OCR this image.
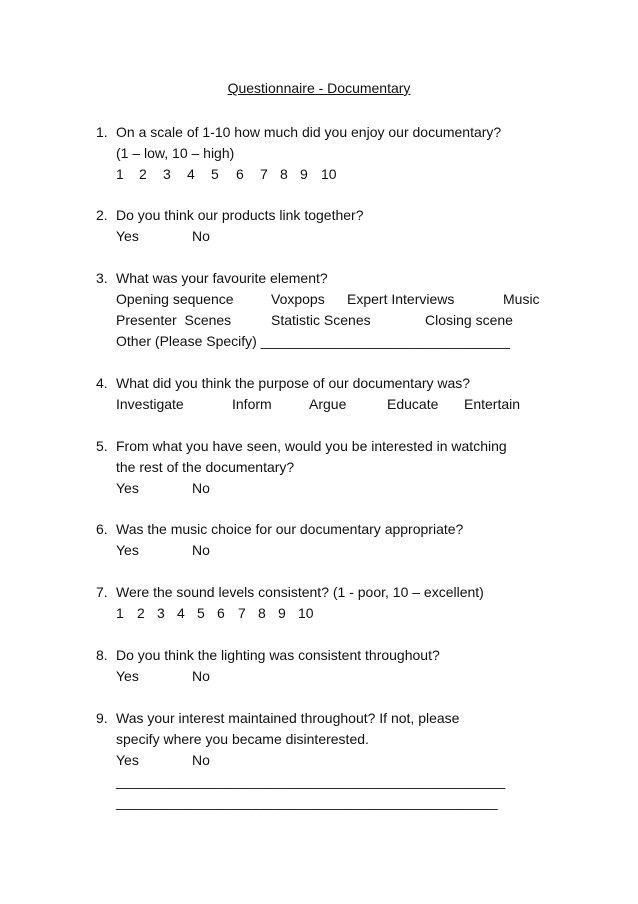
Questionnaire - Documentary
1. On a scale of 1-10 how much did you enjoy our documentary?
(1 – low, 10 – high)
1 2 3 4 5 6 7 8 9 10
2. Do you think our products link together?
Yes	No
3. What was your favourite element?
Opening sequence	Voxpops Expert Interviews	Music
Presenter  Scenes	Statistic Scenes	Closing scene
Other (Please Specify) ________________________________
4. What did you think the purpose of our documentary was?
Investigate	Inform	Argue	Educate Entertain
5. From what you have seen, would you be interested in watching
the rest of the documentary?
Yes	No
6. Was the music choice for our documentary appropriate?
Yes	No
7. Were the sound levels consistent? (1 - poor, 10 – excellent)
1 2 3 4 5 6 7 8 9 10
8. Do you think the lighting was consistent throughout?
Yes	No
9. Was your interest maintained throughout? If not, please
specify where you became disinterested.
Yes	No
__________________________________________________
_________________________________________________
